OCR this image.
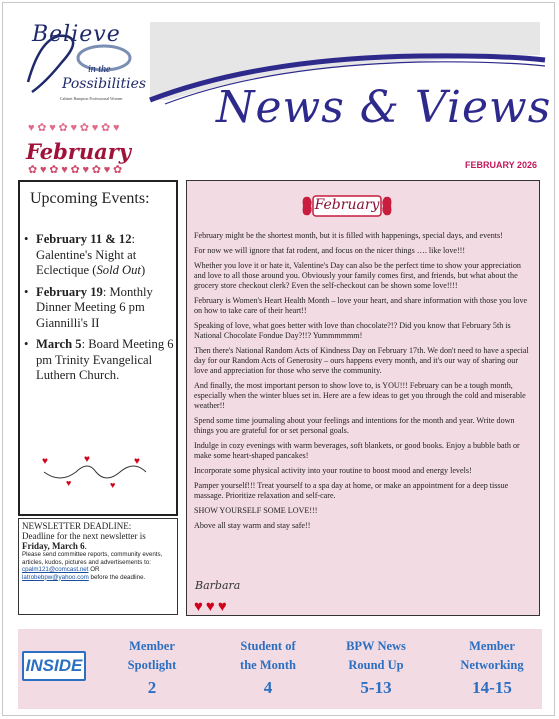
Believe
in the
Possibilities
Cabinet Hampton Professional Women News & Views
FEBRUARY 2026
♥ ✿ ♥ ✿ ♥ ✿ ♥ ✿ ♥
✿ ♥ ✿ ♥ ✿ ♥ ✿ ♥ ✿
February
Upcoming Events:
• February 11 & 12: Galentine's Night at Eclectique (Sold Out)
• February 19: Monthly Dinner Meeting 6 pm Giannilli's II
• March 5: Board Meeting 6 pm Trinity Evangelical Luthern Church.
♥
♥
♥
♥
♥
NEWSLETTER DEADLINE:
Deadline for the next newsletter is
Friday, March 6.
Please send committee reports, community events, articles, kudos, pictures and advertisements to:
cpalm121@comcast.net OR
latrobebpw@yahoo.com before the deadline.
February

February might be the shortest month, but it is filled with happenings, special days, and events!

For now we will ignore that fat rodent, and focus on the nicer things …. like love!!!

Whether you love it or hate it, Valentine's Day can also be the perfect time to show your appreciation and love to all those around you. Obviously your family comes first, and friends, but what about the grocery store checkout clerk? Even the self-checkout can be shown some love!!!!

February is Women's Heart Health Month – love your heart, and share information with those you love on how to take care of their heart!!

Speaking of love, what goes better with love than chocolate?!? Did you know that February 5th is National Chocolate Fondue Day?!!? Yummmmmm!

Then there's National Random Acts of Kindness Day on February 17th. We don't need to have a special day for our Random Acts of Generosity – ours happens every month, and it's our way of sharing our love and appreciation for those who serve the community.

And finally, the most important person to show love to, is YOU!!! February can be a tough month, especially when the winter blues set in. Here are a few ideas to get you through the cold and miserable weather!!

Spend some time journaling about your feelings and intentions for the month and year. Write down things you are grateful for or set personal goals.

Indulge in cozy evenings with warm beverages, soft blankets, or good books. Enjoy a bubble bath or make some heart-shaped pancakes!

Incorporate some physical activity into your routine to boost mood and energy levels!

Pamper yourself!!! Treat yourself to a spa day at home, or make an appointment for a deep tissue massage. Prioritize relaxation and self-care.

SHOW YOURSELF SOME LOVE!!!

Above all stay warm and stay safe!!

Barbara
♥♥♥
INSIDE
Member
Spotlight
2
Student of
the Month
4
BPW News
Round Up
5-13
Member
Networking
14-15
